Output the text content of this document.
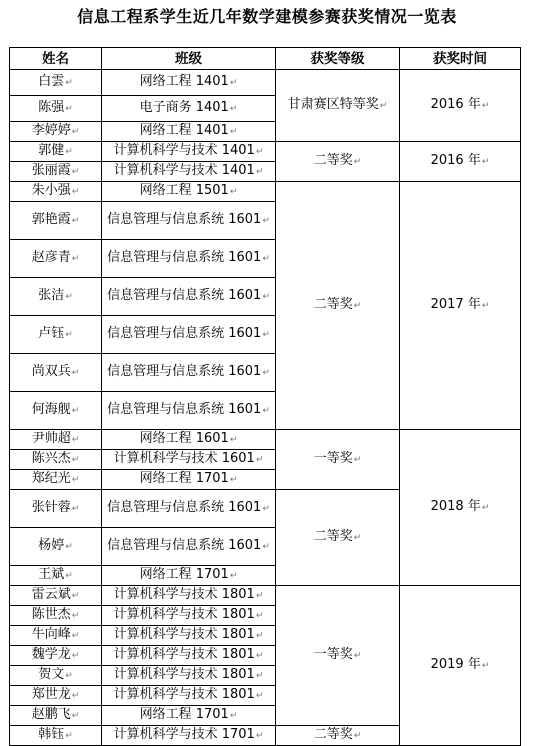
信息工程系学生近几年数学建模参赛获奖情况一览表
姓名	班级	获奖等级	获奖时间
白雲↵	网络工程 1401↵	甘肃赛区特等奖↵	2016 年↵
陈强↵	电子商务 1401↵		
李婷婷↵	网络工程 1401↵		
郭健↵	计算机科学与技术 1401↵	二等奖↵	2016 年↵
张丽霞↵	计算机科学与技术 1401↵		
朱小强↵	网络工程 1501↵	二等奖↵	2017 年↵
郭艳霞↵	信息管理与信息系统 1601↵		
赵彦青↵	信息管理与信息系统 1601↵		
张洁↵	信息管理与信息系统 1601↵		
卢钰↵	信息管理与信息系统 1601↵		
尚双兵↵	信息管理与信息系统 1601↵		
何海舰↵	信息管理与信息系统 1601↵		
尹帅超↵	网络工程 1601↵	一等奖↵	2018 年↵
陈兴杰↵	计算机科学与技术 1601↵		
郑纪光↵	网络工程 1701↵		
张针蓉↵	信息管理与信息系统 1601↵	二等奖↵	
杨婷↵	信息管理与信息系统 1601↵		
王斌↵	网络工程 1701↵		
雷云斌↵	计算机科学与技术 1801↵	一等奖↵	2019 年↵
陈世杰↵	计算机科学与技术 1801↵		
牛向峰↵	计算机科学与技术 1801↵		
魏学龙↵	计算机科学与技术 1801↵		
贺文↵	计算机科学与技术 1801↵		
郑世龙↵	计算机科学与技术 1801↵		
赵鹏飞↵	网络工程 1701↵		
韩钰↵	计算机科学与技术 1701↵	二等奖↵	
